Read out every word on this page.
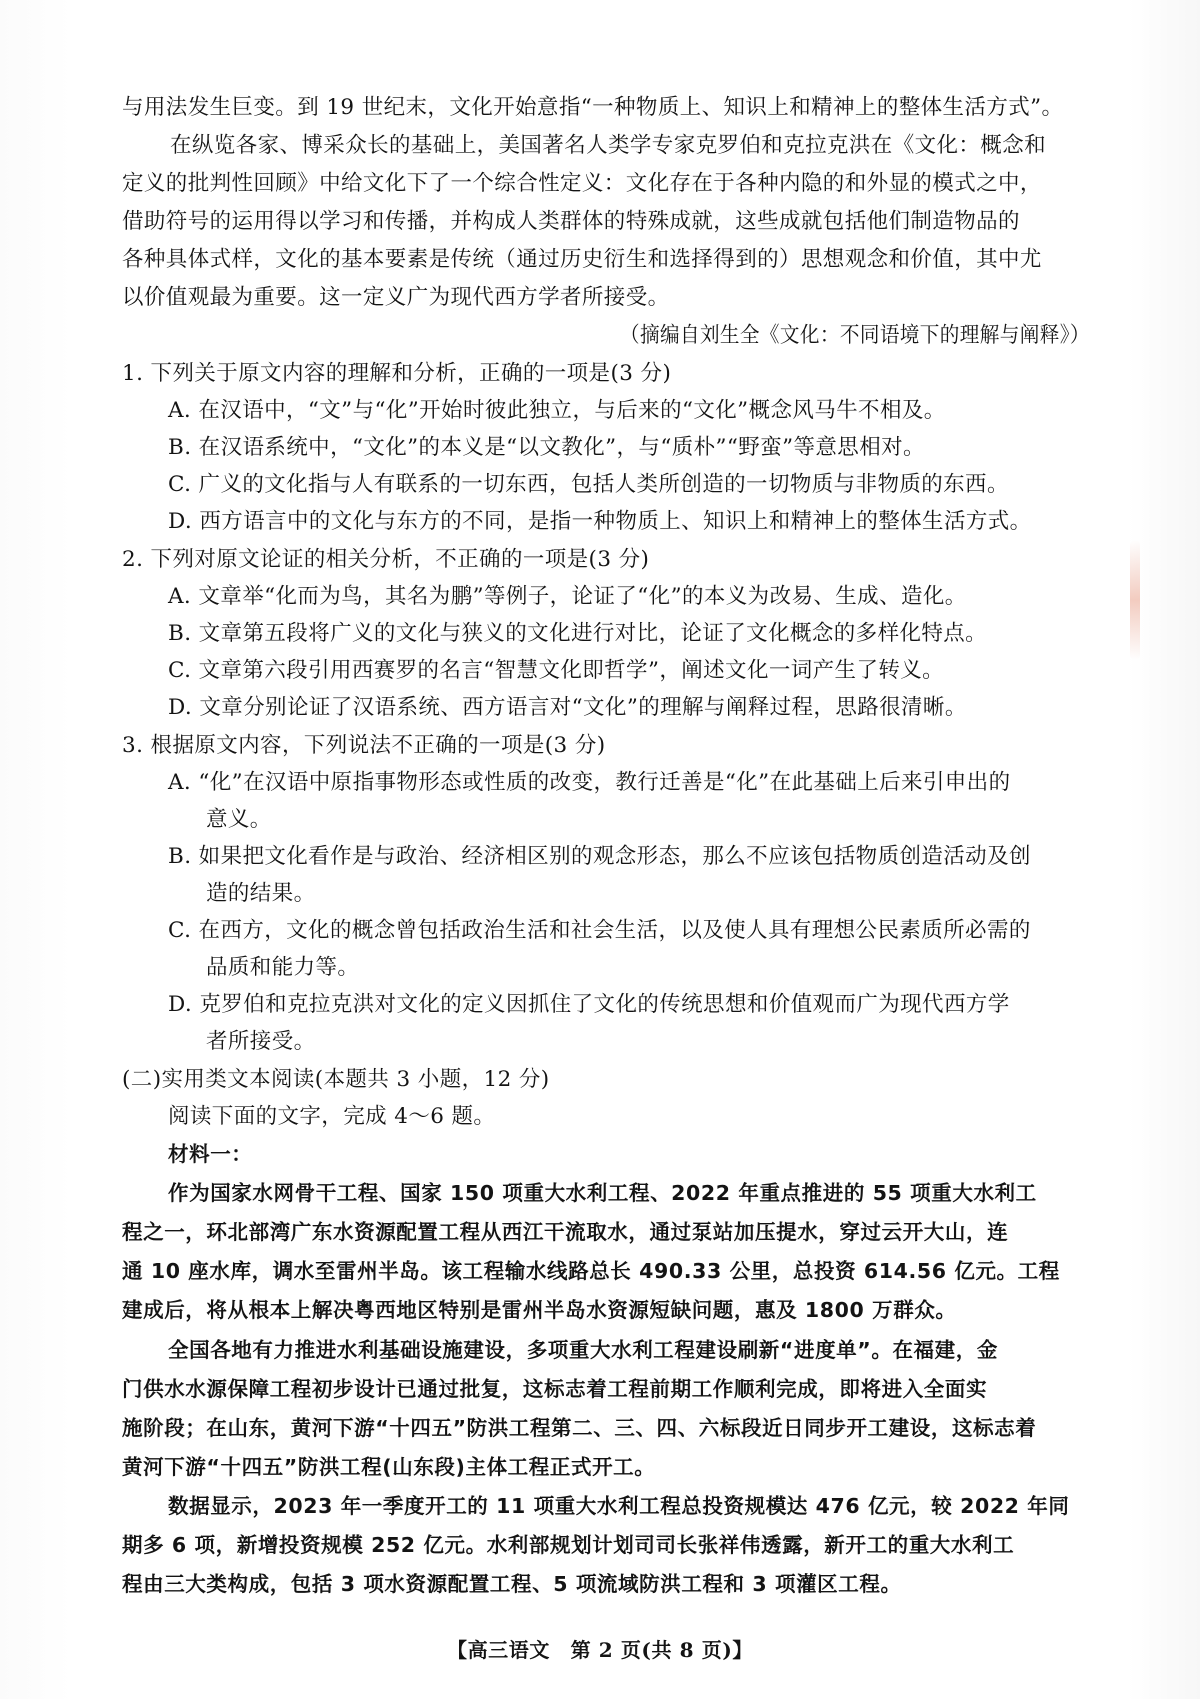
与用法发生巨变。到 19 世纪末，文化开始意指“一种物质上、知识上和精神上的整体生活方式”。
在纵览各家、博采众长的基础上，美国著名人类学专家克罗伯和克拉克洪在《文化：概念和
定义的批判性回顾》中给文化下了一个综合性定义：文化存在于各种内隐的和外显的模式之中，
借助符号的运用得以学习和传播，并构成人类群体的特殊成就，这些成就包括他们制造物品的
各种具体式样，文化的基本要素是传统（通过历史衍生和选择得到的）思想观念和价值，其中尤
以价值观最为重要。这一定义广为现代西方学者所接受。
（摘编自刘生全《文化：不同语境下的理解与阐释》）
1. 下列关于原文内容的理解和分析，正确的一项是(3 分)
A. 在汉语中，“文”与“化”开始时彼此独立，与后来的“文化”概念风马牛不相及。
B. 在汉语系统中，“文化”的本义是“以文教化”，与“质朴”“野蛮”等意思相对。
C. 广义的文化指与人有联系的一切东西，包括人类所创造的一切物质与非物质的东西。
D. 西方语言中的文化与东方的不同，是指一种物质上、知识上和精神上的整体生活方式。
2. 下列对原文论证的相关分析，不正确的一项是(3 分)
A. 文章举“化而为鸟，其名为鹏”等例子，论证了“化”的本义为改易、生成、造化。
B. 文章第五段将广义的文化与狭义的文化进行对比，论证了文化概念的多样化特点。
C. 文章第六段引用西赛罗的名言“智慧文化即哲学”，阐述文化一词产生了转义。
D. 文章分别论证了汉语系统、西方语言对“文化”的理解与阐释过程，思路很清晰。
3. 根据原文内容，下列说法不正确的一项是(3 分)
A. “化”在汉语中原指事物形态或性质的改变，教行迁善是“化”在此基础上后来引申出的
意义。
B. 如果把文化看作是与政治、经济相区别的观念形态，那么不应该包括物质创造活动及创
造的结果。
C. 在西方，文化的概念曾包括政治生活和社会生活，以及使人具有理想公民素质所必需的
品质和能力等。
D. 克罗伯和克拉克洪对文化的定义因抓住了文化的传统思想和价值观而广为现代西方学
者所接受。
(二)实用类文本阅读(本题共 3 小题，12 分)
阅读下面的文字，完成 4～6 题。
材料一：
作为国家水网骨干工程、国家 150 项重大水利工程、2022 年重点推进的 55 项重大水利工
程之一，环北部湾广东水资源配置工程从西江干流取水，通过泵站加压提水，穿过云开大山，连
通 10 座水库，调水至雷州半岛。该工程输水线路总长 490.33 公里，总投资 614.56 亿元。工程
建成后，将从根本上解决粤西地区特别是雷州半岛水资源短缺问题，惠及 1800 万群众。
全国各地有力推进水利基础设施建设，多项重大水利工程建设刷新“进度单”。在福建，金
门供水水源保障工程初步设计已通过批复，这标志着工程前期工作顺利完成，即将进入全面实
施阶段；在山东，黄河下游“十四五”防洪工程第二、三、四、六标段近日同步开工建设，这标志着
黄河下游“十四五”防洪工程(山东段)主体工程正式开工。
数据显示，2023 年一季度开工的 11 项重大水利工程总投资规模达 476 亿元，较 2022 年同
期多 6 项，新增投资规模 252 亿元。水利部规划计划司司长张祥伟透露，新开工的重大水利工
程由三大类构成，包括 3 项水资源配置工程、5 项流域防洪工程和 3 项灌区工程。
【高三语文　第 2 页(共 8 页)】
